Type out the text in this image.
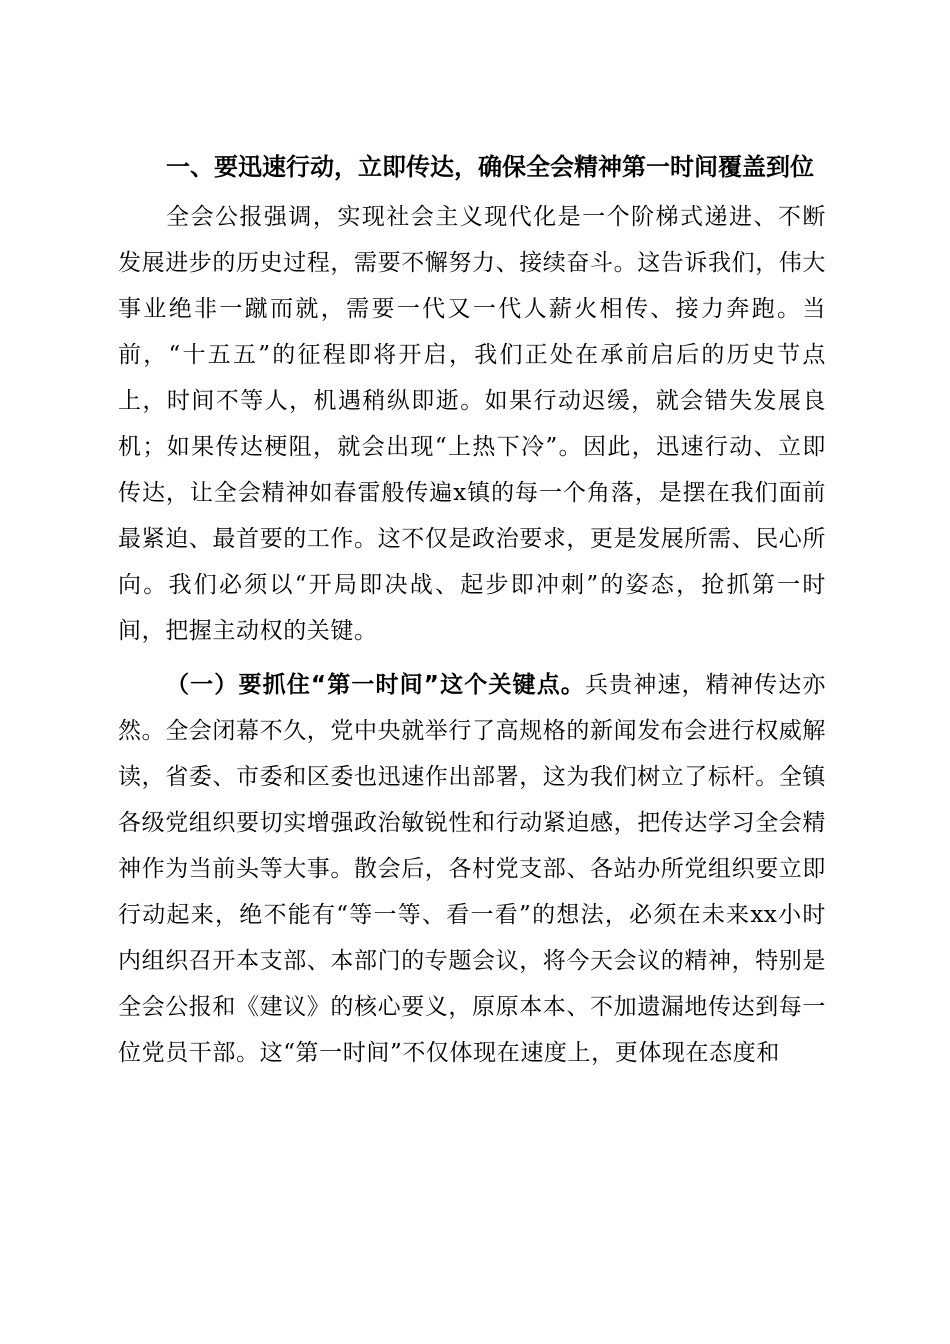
一、要迅速行动，立即传达，确保全会精神第一时间覆盖到位

全会公报强调，实现社会主义现代化是一个阶梯式递进、不断发展进步的历史过程，需要不懈努力、接续奋斗。这告诉我们，伟大事业绝非一蹴而就，需要一代又一代人薪火相传、接力奔跑。当前，“十五五”的征程即将开启，我们正处在承前启后的历史节点上，时间不等人，机遇稍纵即逝。如果行动迟缓，就会错失发展良机；如果传达梗阻，就会出现“上热下冷”。因此，迅速行动、立即传达，让全会精神如春雷般传遍x镇的每一个角落，是摆在我们面前最紧迫、最首要的工作。这不仅是政治要求，更是发展所需、民心所向。我们必须以“开局即决战、起步即冲刺”的姿态，抢抓第一时间，把握主动权的关键。

（一）要抓住“第一时间”这个关键点。兵贵神速，精神传达亦然。全会闭幕不久，党中央就举行了高规格的新闻发布会进行权威解读，省委、市委和区委也迅速作出部署，这为我们树立了标杆。全镇各级党组织要切实增强政治敏锐性和行动紧迫感，把传达学习全会精神作为当前头等大事。散会后，各村党支部、各站办所党组织要立即行动起来，绝不能有“等一等、看一看”的想法，必须在未来xx小时内组织召开本支部、本部门的专题会议，将今天会议的精神，特别是全会公报和《建议》的核心要义，原原本本、不加遗漏地传达到每一位党员干部。这“第一时间”不仅体现在速度上，更体现在态度和
